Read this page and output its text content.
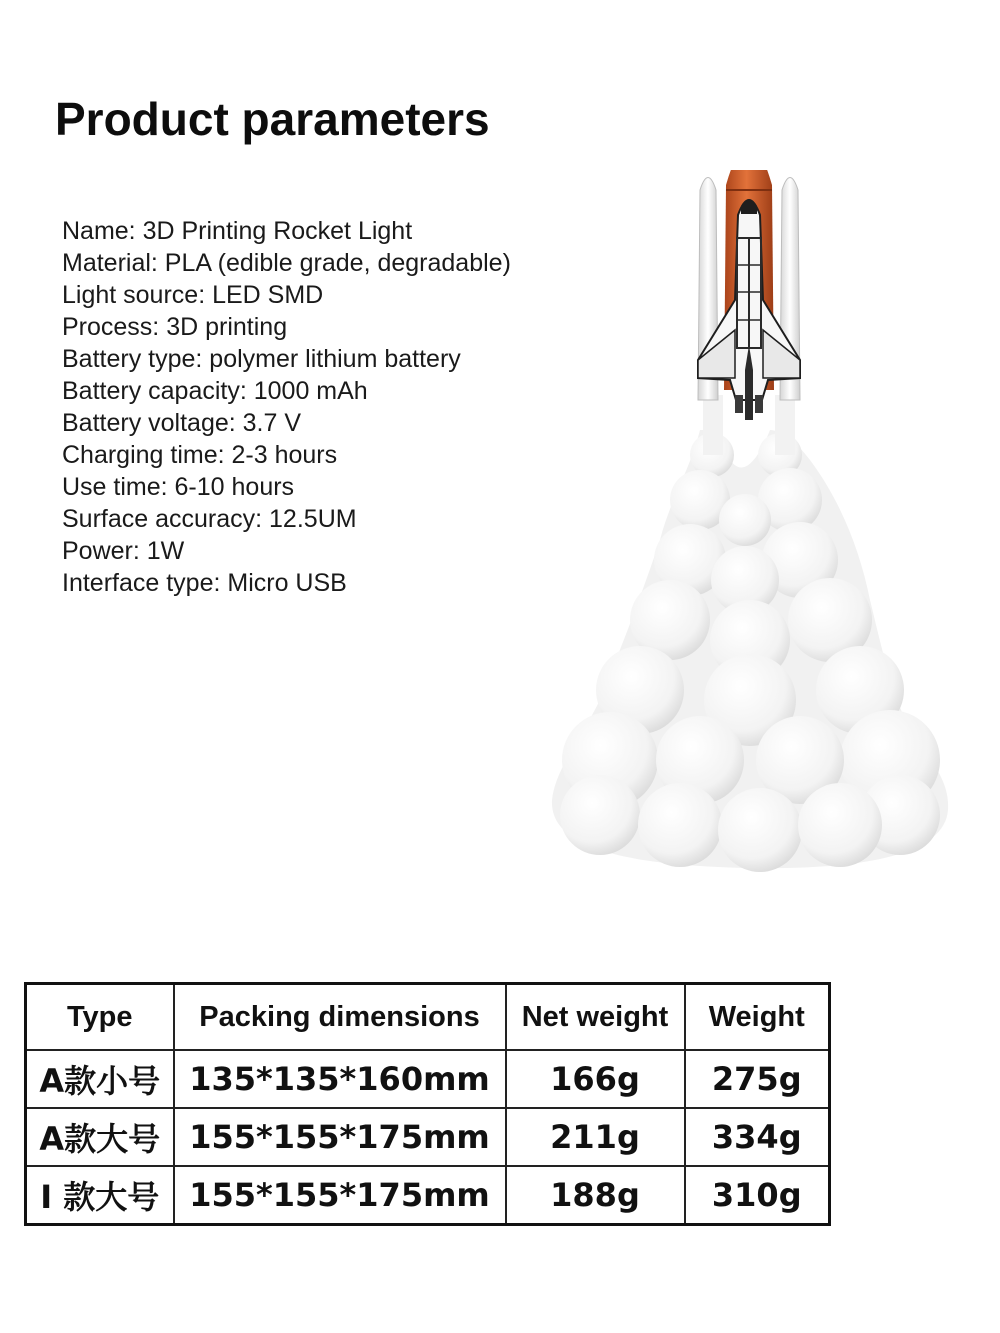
Product parameters
Name: 3D Printing Rocket Light
Material: PLA (edible grade, degradable)
Light source: LED SMD
Process: 3D printing
Battery type: polymer lithium battery
Battery capacity: 1000 mAh
Battery voltage: 3.7 V
Charging time: 2-3 hours
Use time: 6-10 hours
Surface accuracy: 12.5UM
Power: 1W
Interface type: Micro USB
Type	Packing dimensions	Net weight	Weight
A款小号	135*135*160mm	166g	275g
A款大号	155*155*175mm	211g	334g
I 款大号	155*155*175mm	188g	310g
